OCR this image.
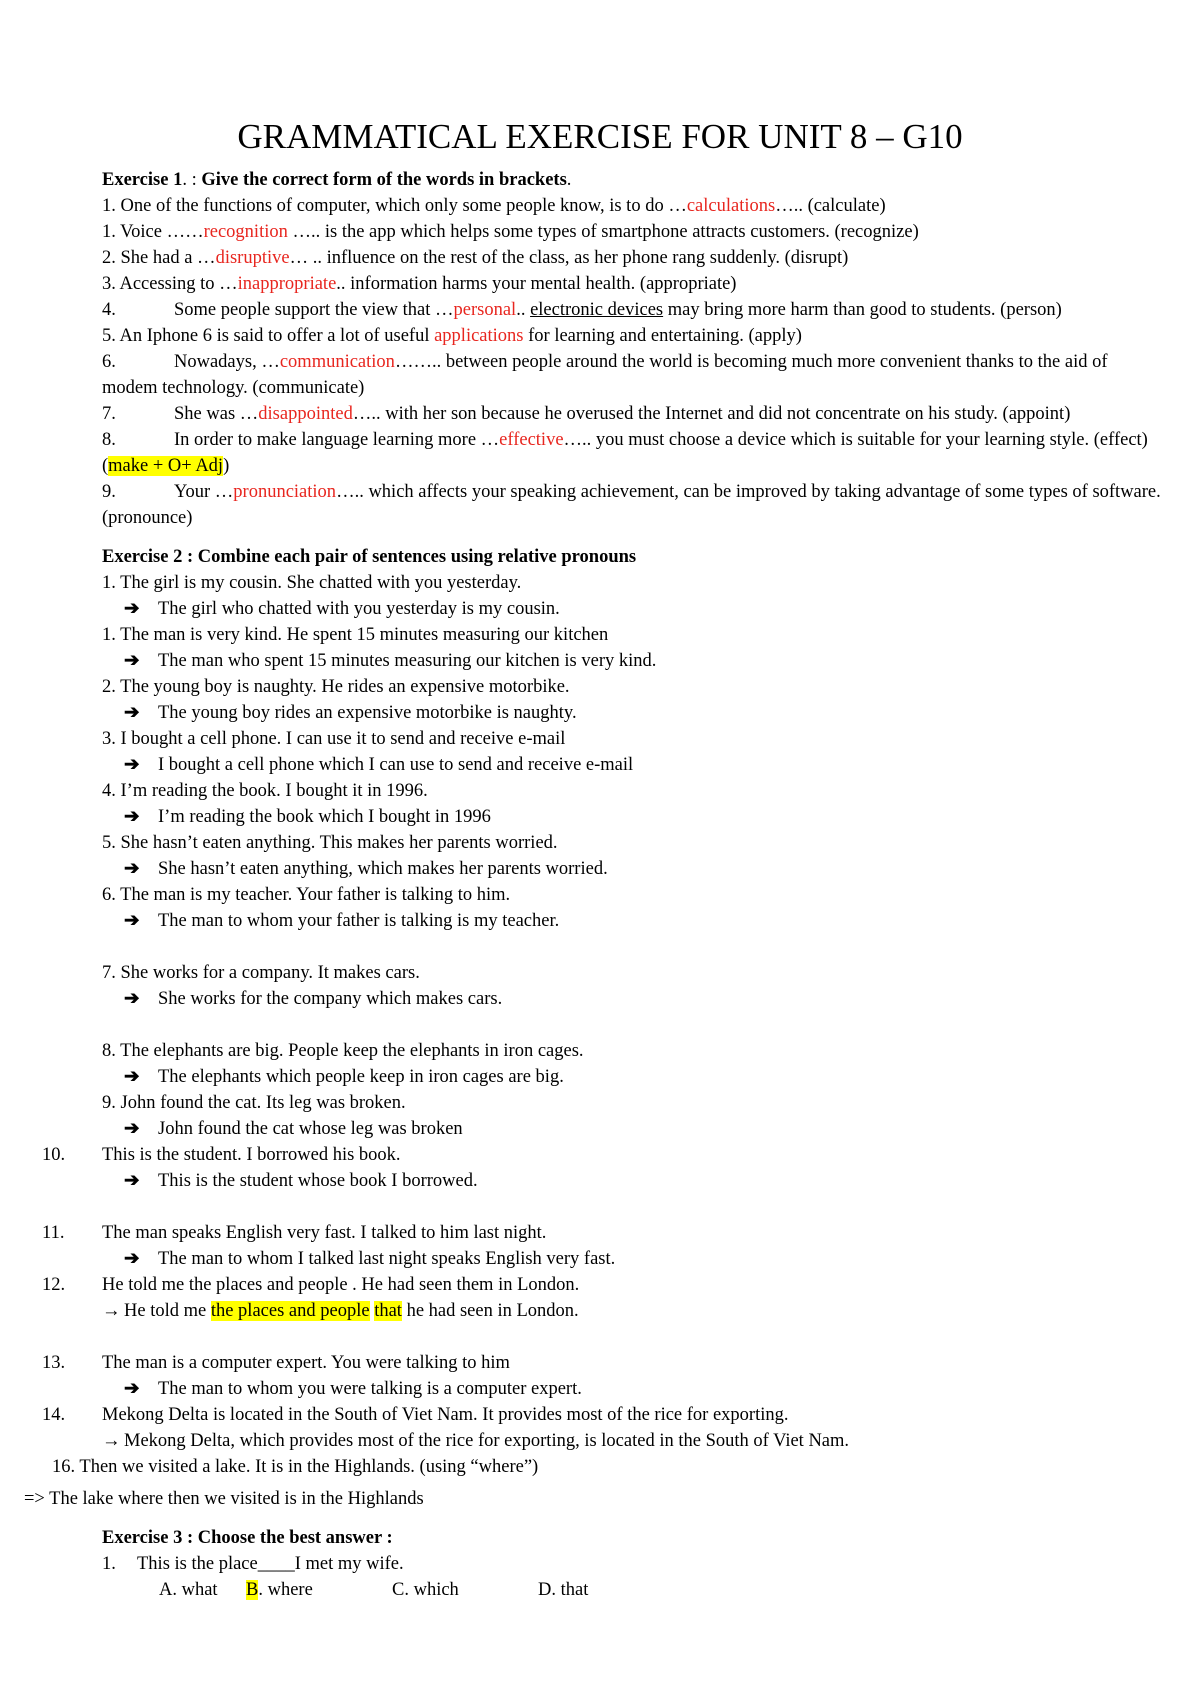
GRAMMATICAL EXERCISE FOR UNIT 8 – G10

Exercise 1. : Give the correct form of the words in brackets.

1. One of the functions of computer, which only some people know, is to do …calculations….. (calculate)

1. Voice ……recognition ….. is the app which helps some types of smartphone attracts customers. (recognize)

2. She had a …disruptive… .. influence on the rest of the class, as her phone rang suddenly. (disrupt)

3. Accessing to …inappropriate.. information harms your mental health. (appropriate)

4.	Some people support the view that …personal.. electronic devices may bring more harm than good to students. (person)

5. An Iphone 6 is said to offer a lot of useful applications for learning and entertaining. (apply)

6.	Nowadays, …communication…….. between people around the world is becoming much more convenient thanks to the aid of modem technology. (communicate)

7.	She was …disappointed….. with her son because he overused the Internet and did not concentrate on his study. (appoint)

8.	In order to make language learning more …effective….. you must choose a device which is suitable for your learning style. (effect) (make + O+ Adj)

9.	Your …pronunciation….. which affects your speaking achievement, can be improved by taking advantage of some types of software. (pronounce)

Exercise 2 : Combine each pair of sentences using relative pronouns

1. The girl is my cousin. She chatted with you yesterday.

➔ The girl who chatted with you yesterday is my cousin.

1. The man is very kind. He spent 15 minutes measuring our kitchen

➔ The man who spent 15 minutes measuring our kitchen is very kind.

2. The young boy is naughty. He rides an expensive motorbike.

➔ The young boy rides an expensive motorbike is naughty.

3. I bought a cell phone. I can use it to send and receive e-mail

➔ I bought a cell phone which I can use to send and receive e-mail

4. I’m reading the book. I bought it in 1996.

➔ I’m reading the book which I bought in 1996

5. She hasn’t eaten anything. This makes her parents worried.

➔ She hasn’t eaten anything, which makes her parents worried.

6. The man is my teacher. Your father is talking to him.

➔ The man to whom your father is talking is my teacher.

7. She works for a company. It makes cars.

➔ She works for the company which makes cars.

8. The elephants are big. People keep the elephants in iron cages.

➔ The elephants which people keep in iron cages are big.

9. John found the cat. Its leg was broken.

➔ John found the cat whose leg was broken

10. This is the student. I borrowed his book.

➔ This is the student whose book I borrowed.

11. The man speaks English very fast. I talked to him last night.

➔ The man to whom I talked last night speaks English very fast.

12. He told me the places and people . He had seen them in London.

→ He told me the places and people that he had seen in London.

13. The man is a computer expert. You were talking to him

➔ The man to whom you were talking is a computer expert.

14. Mekong Delta is located in the South of Viet Nam. It provides most of the rice for exporting.

→ Mekong Delta, which provides most of the rice for exporting, is located in the South of Viet Nam.

16. Then we visited a lake. It is in the Highlands. (using “where”)

=> The lake where then we visited is in the Highlands

Exercise 3 : Choose the best answer :

1. This is the place____I met my wife.

A. what B. where	C. which	D. that
